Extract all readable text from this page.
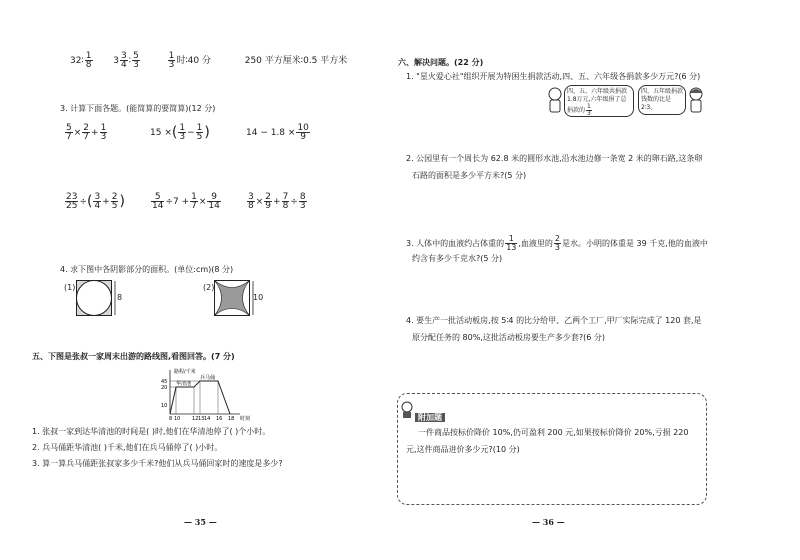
32∶ $\frac{1}{8} 3 \frac{3}{4}$ ∶ $\frac{5}{3}$
	$\frac{1}{3}$ 时∶40 分	250 平方厘米∶0.5 平方米
3. 计算下面各题。(能简算的要简算)(12 分)
$\frac{5}{7} \times \frac{2}{7} + \frac{1}{3}$	15 ×( $\frac{1}{3} - \frac{1}{5}$ )	$14 - 1.8 \times \frac{10}{9}$
$\frac{23}{25}$ ÷( $\frac{3}{4} + \frac{2}{5}$ )	$\frac{5}{14} \div 7 + \frac{1}{7} \times \frac{9}{14}$	$\frac{3}{8} \times \frac{2}{9} + \frac{7}{8} \div \frac{8}{3}$
4. 求下图中各阴影部分的面积。(单位:cm)(8 分)
(1)
8
(2)
10
五、下图是张叔一家周末出游的路线图,看图回答。(7 分)
路程/千米
45
20
10
华清池
兵马俑
8 10 12 13 14 16 18 时刻
1. 张叔一家到达华清池的时间是( )时,他们在华清池停了( )个小时。
2. 兵马俑距华清池( )千米,他们在兵马俑停了( )小时。
3. 算一算兵马俑距张叔家多少千米?他们从兵马俑回家时的速度是多少?
— 35 —
六、解决问题。(22 分)
1. "星火爱心社"组织开展为特困生捐款活动,四、五、六年级各捐款多少万元?(6 分)
四、五、六年级共捐款1.8万元,六年级捐了总捐款的 $\frac{1}{3}$
四、五年级捐款钱数的比是2∶3。
2. 公园里有一个周长为 62.8 米的圆形水池,沿水池边修一条宽 2 米的卵石路,这条卵
石路的面积是多少平方米?(5 分)
3. 人体中的血液约占体重的 $\frac{1}{13}$ ,血液里的 $\frac{2}{3}$ 是水。小明的体重是 39 千克,他的血液中
约含有多少千克水?(5 分)
4. 要生产一批活动板房,按 5∶4 的比分给甲、乙两个工厂,甲厂实际完成了 120 套,是
原分配任务的 80%,这批活动板房要生产多少套?(6 分)
附加题
一件商品按标价降价 10%,仍可盈利 200 元,如果按标价降价 20%,亏损 220
元,这件商品进价多少元?(10 分)
— 36 —
